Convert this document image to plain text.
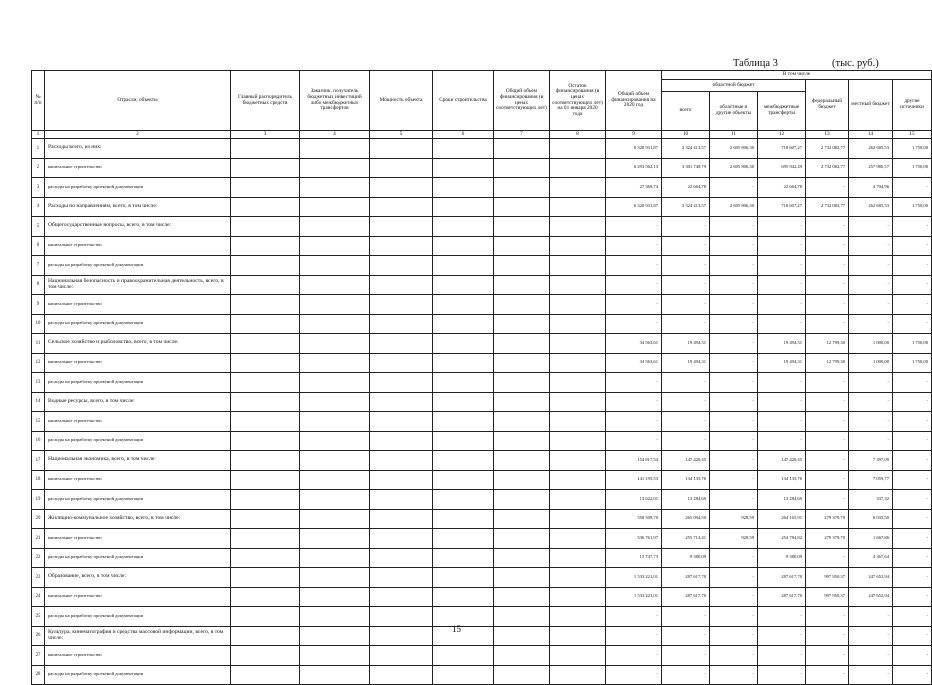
Таблица 3	(тыс. руб.)
№ п/п	Отрасли, объекты	Главный распорядитель бюджетных средств	Заказчик, получатель бюджетных инвестиций либо межбюджетных трансфертов	Мощность объекта	Сроки строительства	Общий объем финансирования (в ценах соответствующих лет)	Остаток финансирования (в ценах соответствующих лет) на 01 января 2020 года	Общий объем финансирования на 2020 год	В том числе					
									областной бюджет			федеральный бюджет	местный бюджет	другие источники
									всего	областные и другие объекты	межбюджетные трансферты			
1	2	3	4	5	6	7	8	9	10	11	12	13	14	15
1	Расходы всего, из них:							6 320 931,87	3 324 413,57	2 605 806,30	718 607,27	2 732 082,77	262 685,53	1 750,00
2	капитальное строительство							6 293 562,13	3 301 748,79	2 605 806,30	695 942,49	2 732 082,77	257 980,57	1 750,00
3	расходы на разработку проектной документации							27 369,74	22 664,78	-	22 664,78	-	4 704,96	-
4	Расходы по направлениям, всего, в том числе:							6 320 931,87	3 324 413,57	2 605 806,30	718 607,27	2 732 082,77	262 685,53	1 750,00
5	Общегосударственные вопросы, всего, в том числе:							-	-	-	-	-	-	-
6	капитальное строительство							-	-	-	-	-	-	-
7	расходы на разработку проектной документации							-	-	-	-	-	-	-
8	Национальная безопасность и правоохранительная деятельность, всего, в том числе:							-	-	-	-	-	-	-
9	капитальное строительство							-	-	-	-	-	-	-
10	расходы на разработку проектной документации							-	-	-	-	-	-	-
11	Сельское хозяйство и рыболовство, всего, в том числе:							34 563,61	19 494,31	-	19 494,31	12 799,30	1 000,00	1 750,00
12	капитальное строительство							34 563,61	19 494,31	-	19 494,31	12 799,30	1 000,00	1 750,00
13	расходы на разработку проектной документации							-	-	-	-	-	-	-
14	Водные ресурсы, всего, в том числе:							-	-	-	-	-	-	-
15	капитальное строительство							-	-	-	-	-	-	-
16	расходы на разработку проектной документации							-	-	-	-	-	-	-
17	Национальная экономика, всего, в том числе:							154 817,54	147 420,45	-	147 420,45	-	7 397,09	-
18	капитальное строительство							141 195,53	134 135,76	-	134 135,76	-	7 059,77	-
19	расходы на разработку проектной документации							13 622,01	13 284,69	-	13 284,69	-	337,32	-
20	Жилищно-коммунальное хозяйство, всего, в том числе:							550 509,70	265 094,50	928,59	264 165,91	279 379,70	6 035,50	-
21	капитальное строительство							536 761,97	255 714,41	928,59	254 784,82	279 379,70	1 667,86	-
22	расходы на разработку проектной документации							15 747,73	9 380,09	-	9 380,09	-	4 367,64	-
23	Образование, всего, в том числе:							1 533 221,01	287 617,70	-	287 617,70	997 950,37	247 652,94	-
24	капитальное строительство							1 533 221,01	287 617,70	-	287 617,70	997 950,37	247 652,94	-
25	расходы на разработку проектной документации							-	-	-	-	-	-	-
26	Культура, кинематография и средства массовой информации, всего, в том числе:							-	-	-	-	-	-	-
27	капитальное строительство							-	-	-	-	-	-	-
28	расходы на разработку проектной документации							-	-	-	-	-	-	-
15
